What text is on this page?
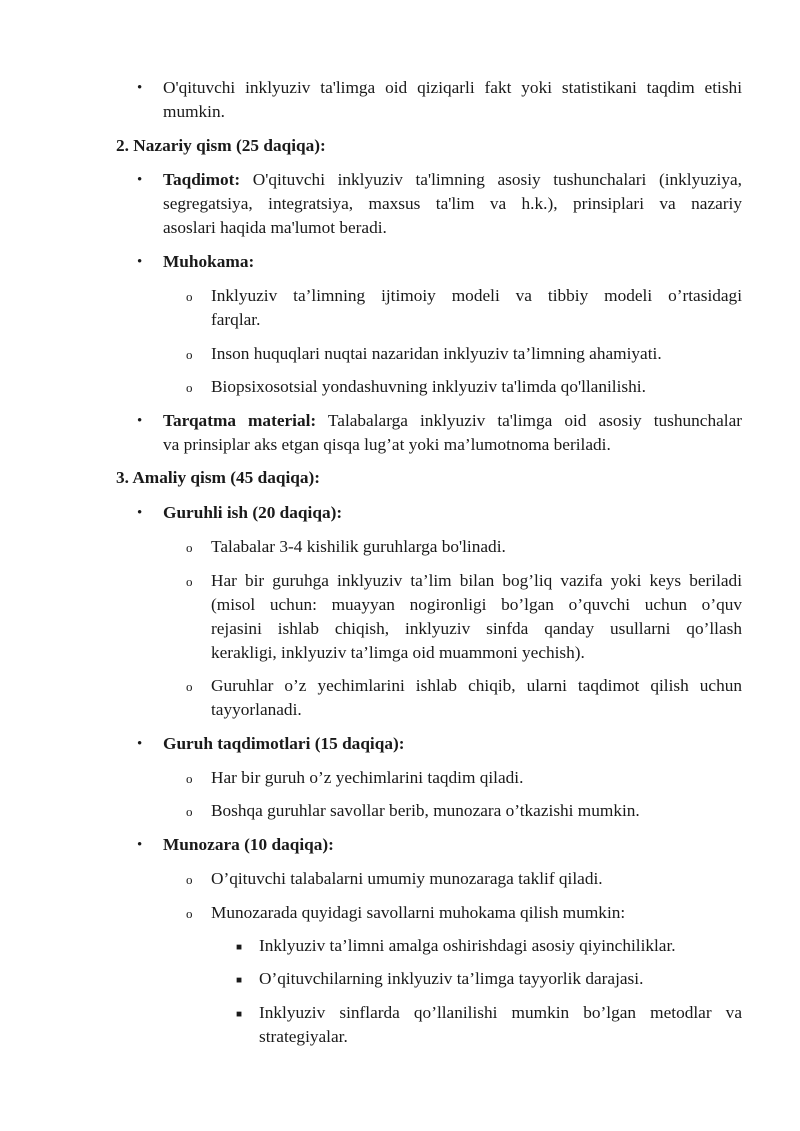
• O'qituvchi inklyuziv ta'limga oid qiziqarli fakt yoki statistikani taqdim etishi

mumkin.

2. Nazariy qism (25 daqiqa):

• Taqdimot: O'qituvchi inklyuziv ta'limning asosiy tushunchalari (inklyuziya,

segregatsiya, integratsiya, maxsus ta'lim va h.k.), prinsiplari va nazariy

asoslari haqida ma'lumot beradi.

• Muhokama:

o Inklyuziv ta’limning ijtimoiy modeli va tibbiy modeli o’rtasidagi

farqlar.

o Inson huquqlari nuqtai nazaridan inklyuziv ta’limning ahamiyati.

o Biopsixosotsial yondashuvning inklyuziv ta'limda qo'llanilishi.

• Tarqatma material: Talabalarga inklyuziv ta'limga oid asosiy tushunchalar

va prinsiplar aks etgan qisqa lug’at yoki ma’lumotnoma beriladi.

3. Amaliy qism (45 daqiqa):

• Guruhli ish (20 daqiqa):

o Talabalar 3-4 kishilik guruhlarga bo'linadi.

o Har bir guruhga inklyuziv ta’lim bilan bog’liq vazifa yoki keys beriladi

(misol uchun: muayyan nogironligi bo’lgan o’quvchi uchun o’quv

rejasini ishlab chiqish, inklyuziv sinfda qanday usullarni qo’llash

kerakligi, inklyuziv ta’limga oid muammoni yechish).

o Guruhlar o’z yechimlarini ishlab chiqib, ularni taqdimot qilish uchun

tayyorlanadi.

• Guruh taqdimotlari (15 daqiqa):

o Har bir guruh o’z yechimlarini taqdim qiladi.

o Boshqa guruhlar savollar berib, munozara o’tkazishi mumkin.

• Munozara (10 daqiqa):

o O’qituvchi talabalarni umumiy munozaraga taklif qiladi.

o Munozarada quyidagi savollarni muhokama qilish mumkin:

■ Inklyuziv ta’limni amalga oshirishdagi asosiy qiyinchiliklar.

■ O’qituvchilarning inklyuziv ta’limga tayyorlik darajasi.

■ Inklyuziv sinflarda qo’llanilishi mumkin bo’lgan metodlar va

strategiyalar.
